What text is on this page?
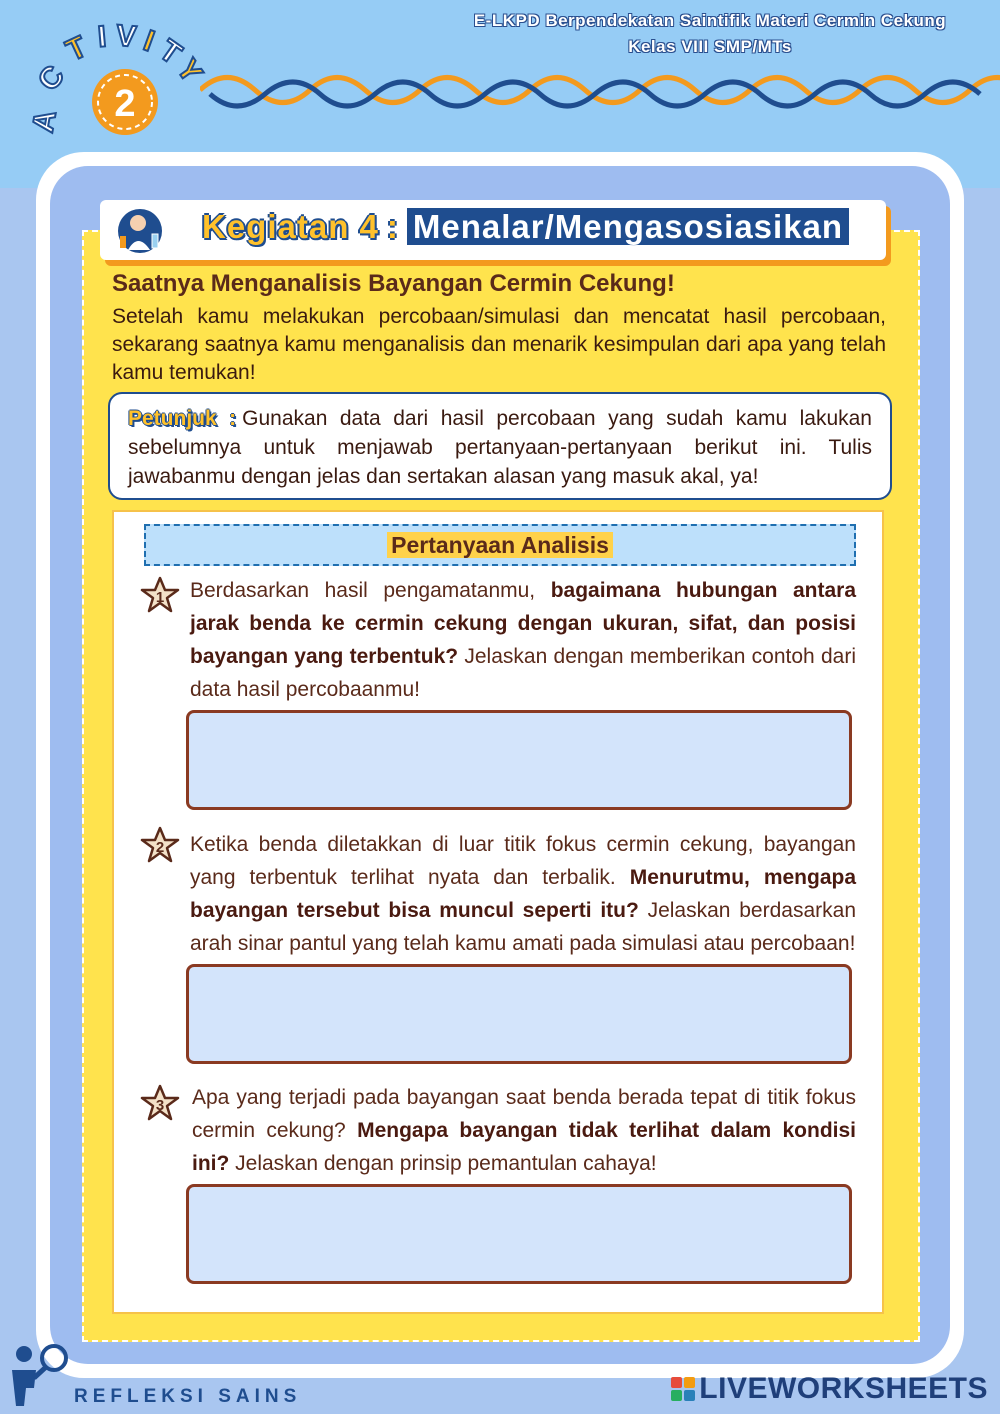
E-LKPD Berpendekatan Saintifik Materi Cermin Cekung
Kelas VIII SMP/MTs
A
C
T I V I
T
Y
2
Kegiatan 4 : Menalar/Mengasosiasikan
Saatnya Menganalisis Bayangan Cermin Cekung!
Setelah kamu melakukan percobaan/simulasi dan mencatat hasil percobaan, sekarang saatnya kamu menganalisis dan menarik kesimpulan dari apa yang telah kamu temukan!
Petunjuk : Gunakan data dari hasil percobaan yang sudah kamu lakukan sebelumnya untuk menjawab pertanyaan-pertanyaan berikut ini. Tulis jawabanmu dengan jelas dan sertakan alasan yang masuk akal, ya!
Pertanyaan Analisis
1 Berdasarkan hasil pengamatanmu, bagaimana hubungan antara jarak benda ke cermin cekung dengan ukuran, sifat, dan posisi bayangan yang terbentuk? Jelaskan dengan memberikan contoh dari data hasil percobaanmu!
2 Ketika benda diletakkan di luar titik fokus cermin cekung, bayangan yang terbentuk terlihat nyata dan terbalik. Menurutmu, mengapa bayangan tersebut bisa muncul seperti itu? Jelaskan berdasarkan arah sinar pantul yang telah kamu amati pada simulasi atau percobaan!
3 Apa yang terjadi pada bayangan saat benda berada tepat di titik fokus cermin cekung? Mengapa bayangan tidak terlihat dalam kondisi ini? Jelaskan dengan prinsip pemantulan cahaya!
REFLEKSI SAINS	LIVEWORKSHEETS
